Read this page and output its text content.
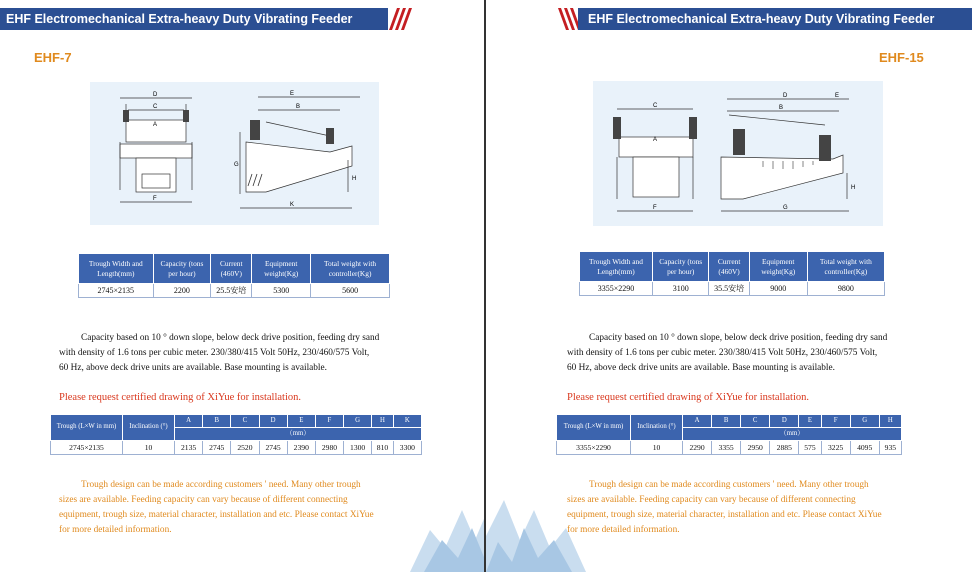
EHF Electromechanical Extra-heavy Duty Vibrating Feeder
EHF-7
D
C
A
F
E
B
G
H
K
Trough Width and Length(mm)	Capacity (tons per hour)	Current (460V)	Equipment weight(Kg)	Total weight with controller(Kg)
2745×2135	2200	25.5安培	5300	5600
Capacity based on 10 ° down slope, below deck drive position, feeding dry sand
with density of 1.6 tons per cubic meter. 230/380/415 Volt 50Hz, 230/460/575 Volt,
60 Hz, above deck drive units are available. Base mounting is available.
Please request certified drawing of XiYue for installation.
Trough (L×W in mm)	Inclination (°)	A	B	C	D	E	F	G	H	K
		（mm）								
2745×2135	10	2135	2745	2520	2745	2390	2980	1300	810	3300
Trough design can be made according customers ' need. Many other trough
sizes are available. Feeding capacity can vary because of different connecting
equipment, trough size, material character, installation and etc. Please contact XiYue
for more detailed information.
EHF Electromechanical Extra-heavy Duty Vibrating Feeder
EHF-15
C
A
F
D	E
B
H
G
Trough Width and Length(mm)	Capacity (tons per hour)	Current (460V)	Equipment weight(Kg)	Total weight with controller(Kg)
3355×2290	3100	35.5安培	9000	9800
Capacity based on 10 ° down slope, below deck drive position, feeding dry sand
with density of 1.6 tons per cubic meter. 230/380/415 Volt 50Hz, 230/460/575 Volt,
60 Hz, above deck drive units are available. Base mounting is available.
Please request certified drawing of XiYue for installation.
Trough (L×W in mm)	Inclination (°)	A	B	C	D	E	F	G	H
		（mm）							
3355×2290	10	2290	3355	2950	2885	575	3225	4095	935
Trough design can be made according customers ' need. Many other trough
sizes are available. Feeding capacity can vary because of different connecting
equipment, trough size, material character, installation and etc. Please contact XiYue
for more detailed information.
